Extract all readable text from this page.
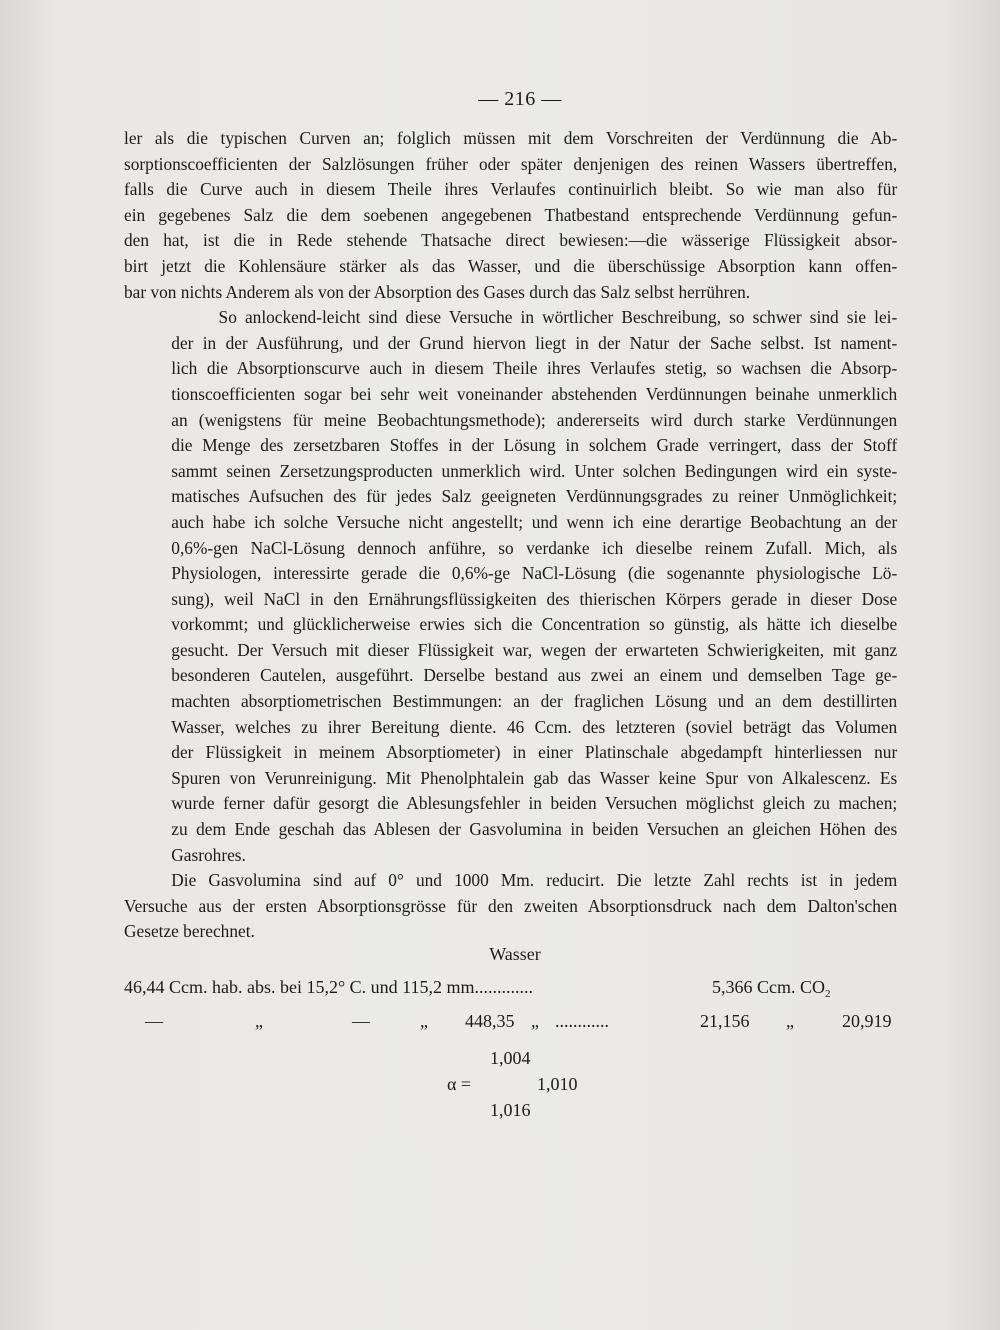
— 216 —

ler als die typischen Curven an; folglich müssen mit dem Vorschreiten der Verdünnung die Ab-
sorptionscoefficienten der Salzlösungen früher oder später denjenigen des reinen Wassers übertreffen,
falls die Curve auch in diesem Theile ihres Verlaufes continuirlich bleibt. So wie man also für
ein gegebenes Salz die dem soebenen angegebenen Thatbestand entsprechende Verdünnung gefun-
den hat, ist die in Rede stehende Thatsache direct bewiesen:—die wässerige Flüssigkeit absor-
birt jetzt die Kohlensäure stärker als das Wasser, und die überschüssige Absorption kann offen-
bar von nichts Anderem als von der Absorption des Gases durch das Salz selbst herrühren.

So anlockend-leicht sind diese Versuche in wörtlicher Beschreibung, so schwer sind sie lei-
der in der Ausführung, und der Grund hiervon liegt in der Natur der Sache selbst. Ist nament-
lich die Absorptionscurve auch in diesem Theile ihres Verlaufes stetig, so wachsen die Absorp-
tionscoefficienten sogar bei sehr weit voneinander abstehenden Verdünnungen beinahe unmerklich
an (wenigstens für meine Beobachtungsmethode); andererseits wird durch starke Verdünnungen
die Menge des zersetzbaren Stoffes in der Lösung in solchem Grade verringert, dass der Stoff
sammt seinen Zersetzungsproducten unmerklich wird. Unter solchen Bedingungen wird ein syste-
matisches Aufsuchen des für jedes Salz geeigneten Verdünnungsgrades zu reiner Unmöglichkeit;
auch habe ich solche Versuche nicht angestellt; und wenn ich eine derartige Beobachtung an der
0,6%-gen NaCl-Lösung dennoch anführe, so verdanke ich dieselbe reinem Zufall. Mich, als
Physiologen, interessirte gerade die 0,6%-ge NaCl-Lösung (die sogenannte physiologische Lö-
sung), weil NaCl in den Ernährungsflüssigkeiten des thierischen Körpers gerade in dieser Dose
vorkommt; und glücklicherweise erwies sich die Concentration so günstig, als hätte ich dieselbe
gesucht. Der Versuch mit dieser Flüssigkeit war, wegen der erwarteten Schwierigkeiten, mit ganz
besonderen Cautelen, ausgeführt. Derselbe bestand aus zwei an einem und demselben Tage ge-
machten absorptiometrischen Bestimmungen: an der fraglichen Lösung und an dem destillirten
Wasser, welches zu ihrer Bereitung diente. 46 Ccm. des letzteren (soviel beträgt das Volumen
der Flüssigkeit in meinem Absorptiometer) in einer Platinschale abgedampft hinterliessen nur
Spuren von Verunreinigung. Mit Phenolphtalein gab das Wasser keine Spur von Alkalescenz. Es
wurde ferner dafür gesorgt die Ablesungsfehler in beiden Versuchen möglichst gleich zu machen;
zu dem Ende geschah das Ablesen der Gasvolumina in beiden Versuchen an gleichen Höhen des
Gasrohres.

Die Gasvolumina sind auf 0° und 1000 Mm. reducirt. Die letzte Zahl rechts ist in jedem
Versuche aus der ersten Absorptionsgrösse für den zweiten Absorptionsdruck nach dem Dalton'schen
Gesetze berechnet.

Wasser
46,44 Ccm. hab. abs. bei 15,2° C. und 115,2 mm.............	5,366 Ccm. $CO_2$
—	„	—	„ 448,35 „ ............	21,156 „	20,919
1,004
α =	1,010
1,016
